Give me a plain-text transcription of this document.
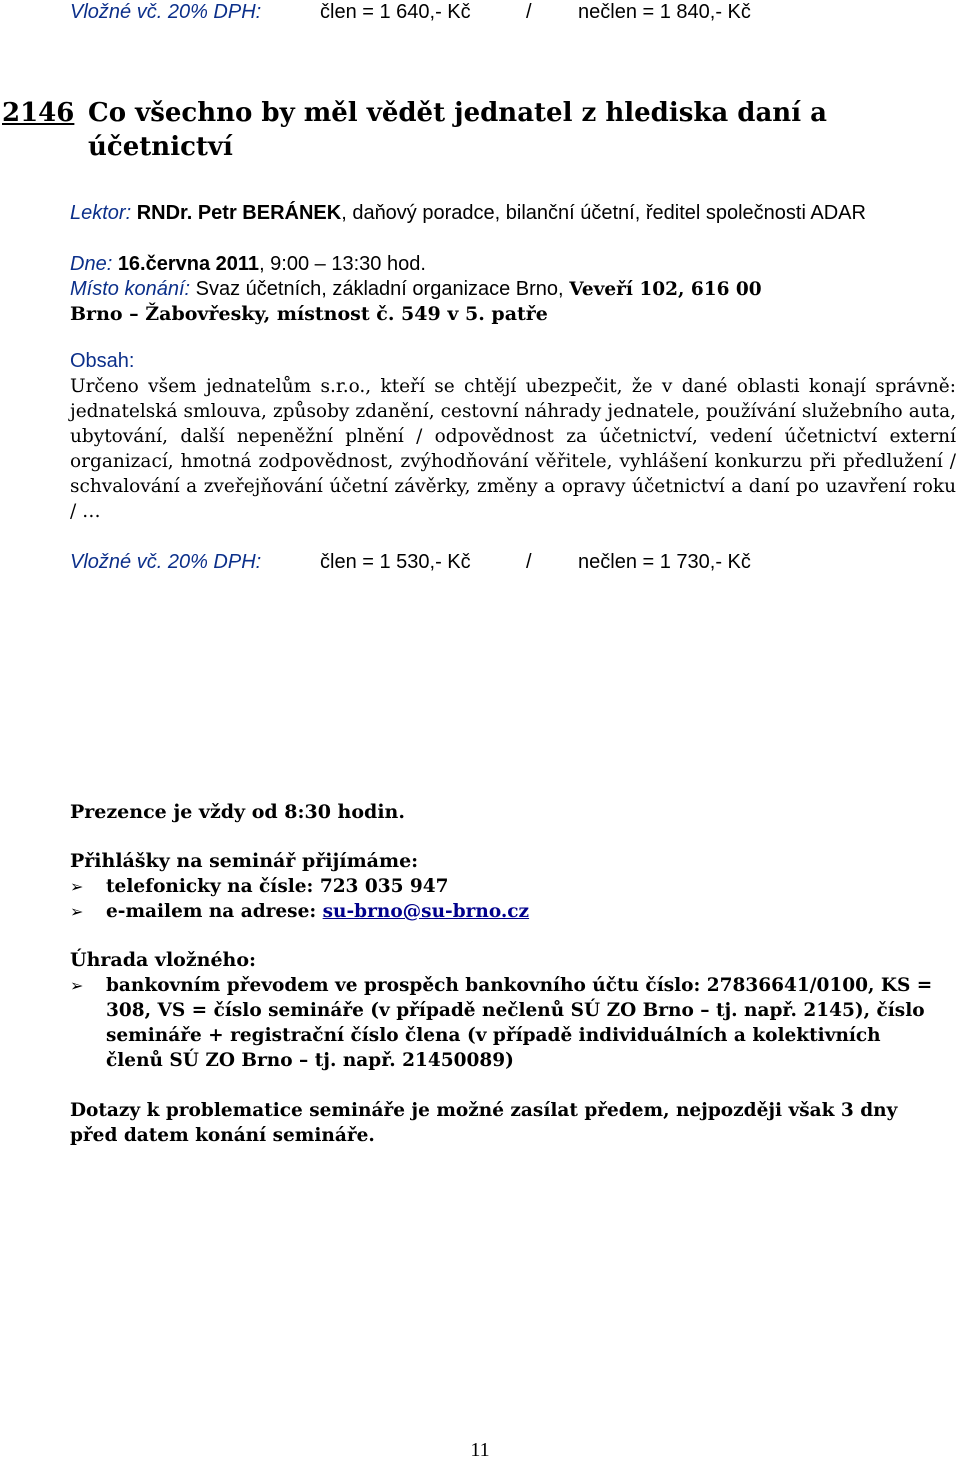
Vložné vč. 20% DPH:	člen = 1 640,- Kč	/ nečlen = 1 840,- Kč
2146 Co všechno by měl vědět jednatel z hlediska daní a účetnictví
Lektor: RNDr. Petr BERÁNEK, daňový poradce, bilanční účetní, ředitel společnosti ADAR
Dne: 16.června 2011, 9:00 – 13:30 hod.
Místo konání: Svaz účetních, základní organizace Brno, Veveří 102, 616 00
Brno – Žabovřesky, místnost č. 549 v 5. patře
Obsah:
Určeno všem jednatelům s.r.o., kteří se chtějí ubezpečit, že v dané oblasti konají správně: jednatelská smlouva, způsoby zdanění, cestovní náhrady jednatele, používání služebního auta, ubytování, další nepeněžní plnění / odpovědnost za účetnictví, vedení účetnictví externí organizací, hmotná zodpovědnost, zvýhodňování věřitele, vyhlášení konkurzu při předlužení / schvalování a zveřejňování účetní závěrky, změny a opravy účetnictví a daní po uzavření roku / …
Vložné vč. 20% DPH:	člen = 1 530,- Kč	/ nečlen = 1 730,- Kč
Prezence je vždy od 8:30 hodin.
Přihlášky na seminář přijímáme:
➢ telefonicky na čísle: 723 035 947
➢ e-mailem na adrese: su-brno@su-brno.cz
Úhrada vložného:
➢ bankovním převodem ve prospěch bankovního účtu číslo: 27836641/0100, KS = 308, VS = číslo semináře (v případě nečlenů SÚ ZO Brno – tj. např. 2145), číslo semináře + registrační číslo člena (v případě individuálních a kolektivních členů SÚ ZO Brno – tj. např. 21450089)
Dotazy k problematice semináře je možné zasílat předem, nejpozději však 3 dny před datem konání semináře.
11
